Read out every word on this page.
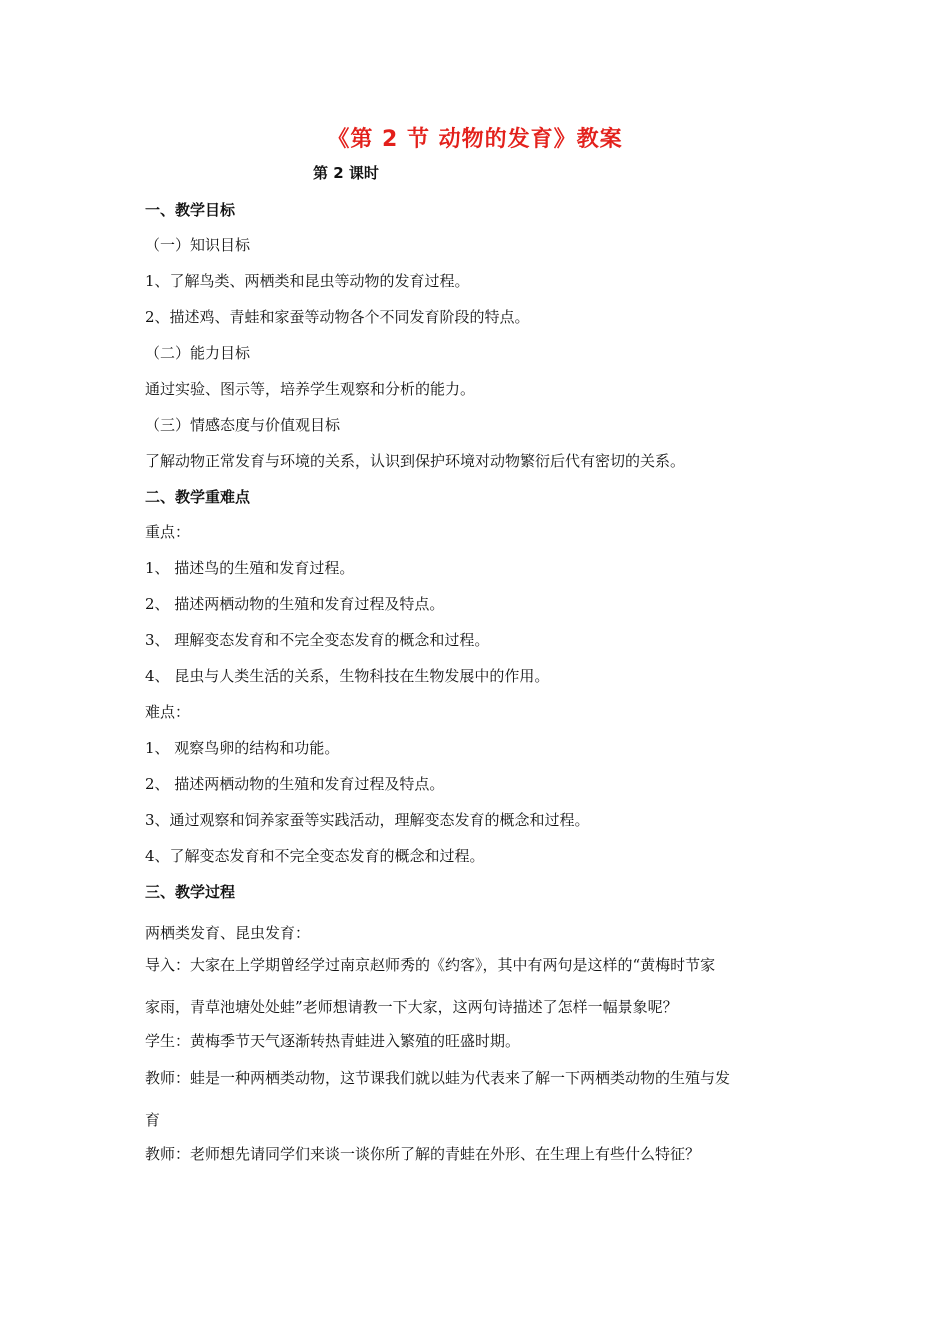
《第 2 节 动物的发育》教案
第 2 课时
一、教学目标
（一）知识目标
1、了解鸟类、两栖类和昆虫等动物的发育过程。
2、描述鸡、青蛙和家蚕等动物各个不同发育阶段的特点。
（二）能力目标
通过实验、图示等，培养学生观察和分析的能力。
（三）情感态度与价值观目标
了解动物正常发育与环境的关系，认识到保护环境对动物繁衍后代有密切的关系。
二、教学重难点
重点：
1、 描述鸟的生殖和发育过程。
2、 描述两栖动物的生殖和发育过程及特点。
3、 理解变态发育和不完全变态发育的概念和过程。
4、 昆虫与人类生活的关系，生物科技在生物发展中的作用。
难点：
1、 观察鸟卵的结构和功能。
2、 描述两栖动物的生殖和发育过程及特点。
3、通过观察和饲养家蚕等实践活动，理解变态发育的概念和过程。
4、了解变态发育和不完全变态发育的概念和过程。
三、教学过程
两栖类发育、昆虫发育：
导入：大家在上学期曾经学过南京赵师秀的《约客》，其中有两句是这样的“黄梅时节家
家雨，青草池塘处处蛙”老师想请教一下大家，这两句诗描述了怎样一幅景象呢？
学生：黄梅季节天气逐渐转热青蛙进入繁殖的旺盛时期。
教师：蛙是一种两栖类动物，这节课我们就以蛙为代表来了解一下两栖类动物的生殖与发
育
教师：老师想先请同学们来谈一谈你所了解的青蛙在外形、在生理上有些什么特征？
